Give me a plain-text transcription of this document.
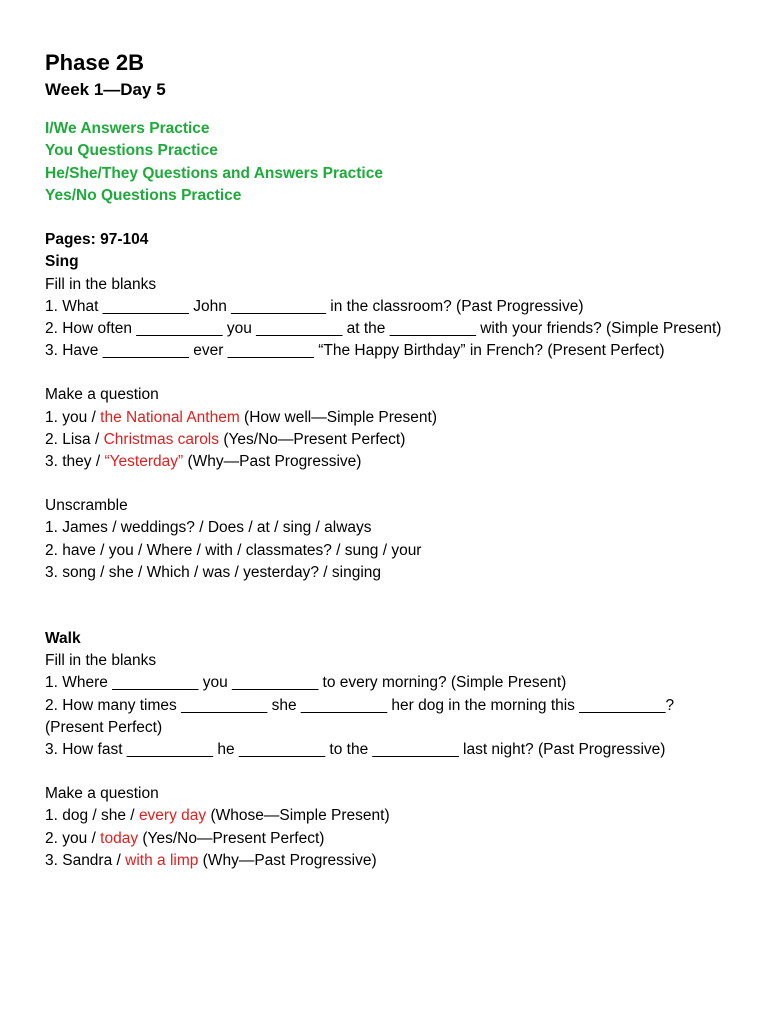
Phase 2B
Week 1—Day 5
I/We Answers Practice
You Questions Practice
He/She/They Questions and Answers Practice
Yes/No Questions Practice
Pages: 97-104
Sing
Fill in the blanks
1. What __________ John ___________ in the classroom? (Past Progressive)
2. How often __________ you __________ at the __________ with your friends? (Simple Present)
3. Have __________ ever __________ “The Happy Birthday” in French? (Present Perfect)
Make a question
1. you / the National Anthem (How well—Simple Present)
2. Lisa / Christmas carols (Yes/No—Present Perfect)
3. they / “Yesterday” (Why—Past Progressive)
Unscramble
1. James / weddings? / Does / at / sing / always
2. have / you / Where / with / classmates? / sung / your
3. song / she / Which / was / yesterday? / singing
Walk
Fill in the blanks
1. Where __________ you __________ to every morning? (Simple Present)
2. How many times __________ she __________ her dog in the morning this __________?
(Present Perfect)
3. How fast __________ he __________ to the __________ last night? (Past Progressive)
Make a question
1. dog / she / every day (Whose—Simple Present)
2. you / today (Yes/No—Present Perfect)
3. Sandra / with a limp (Why—Past Progressive)
